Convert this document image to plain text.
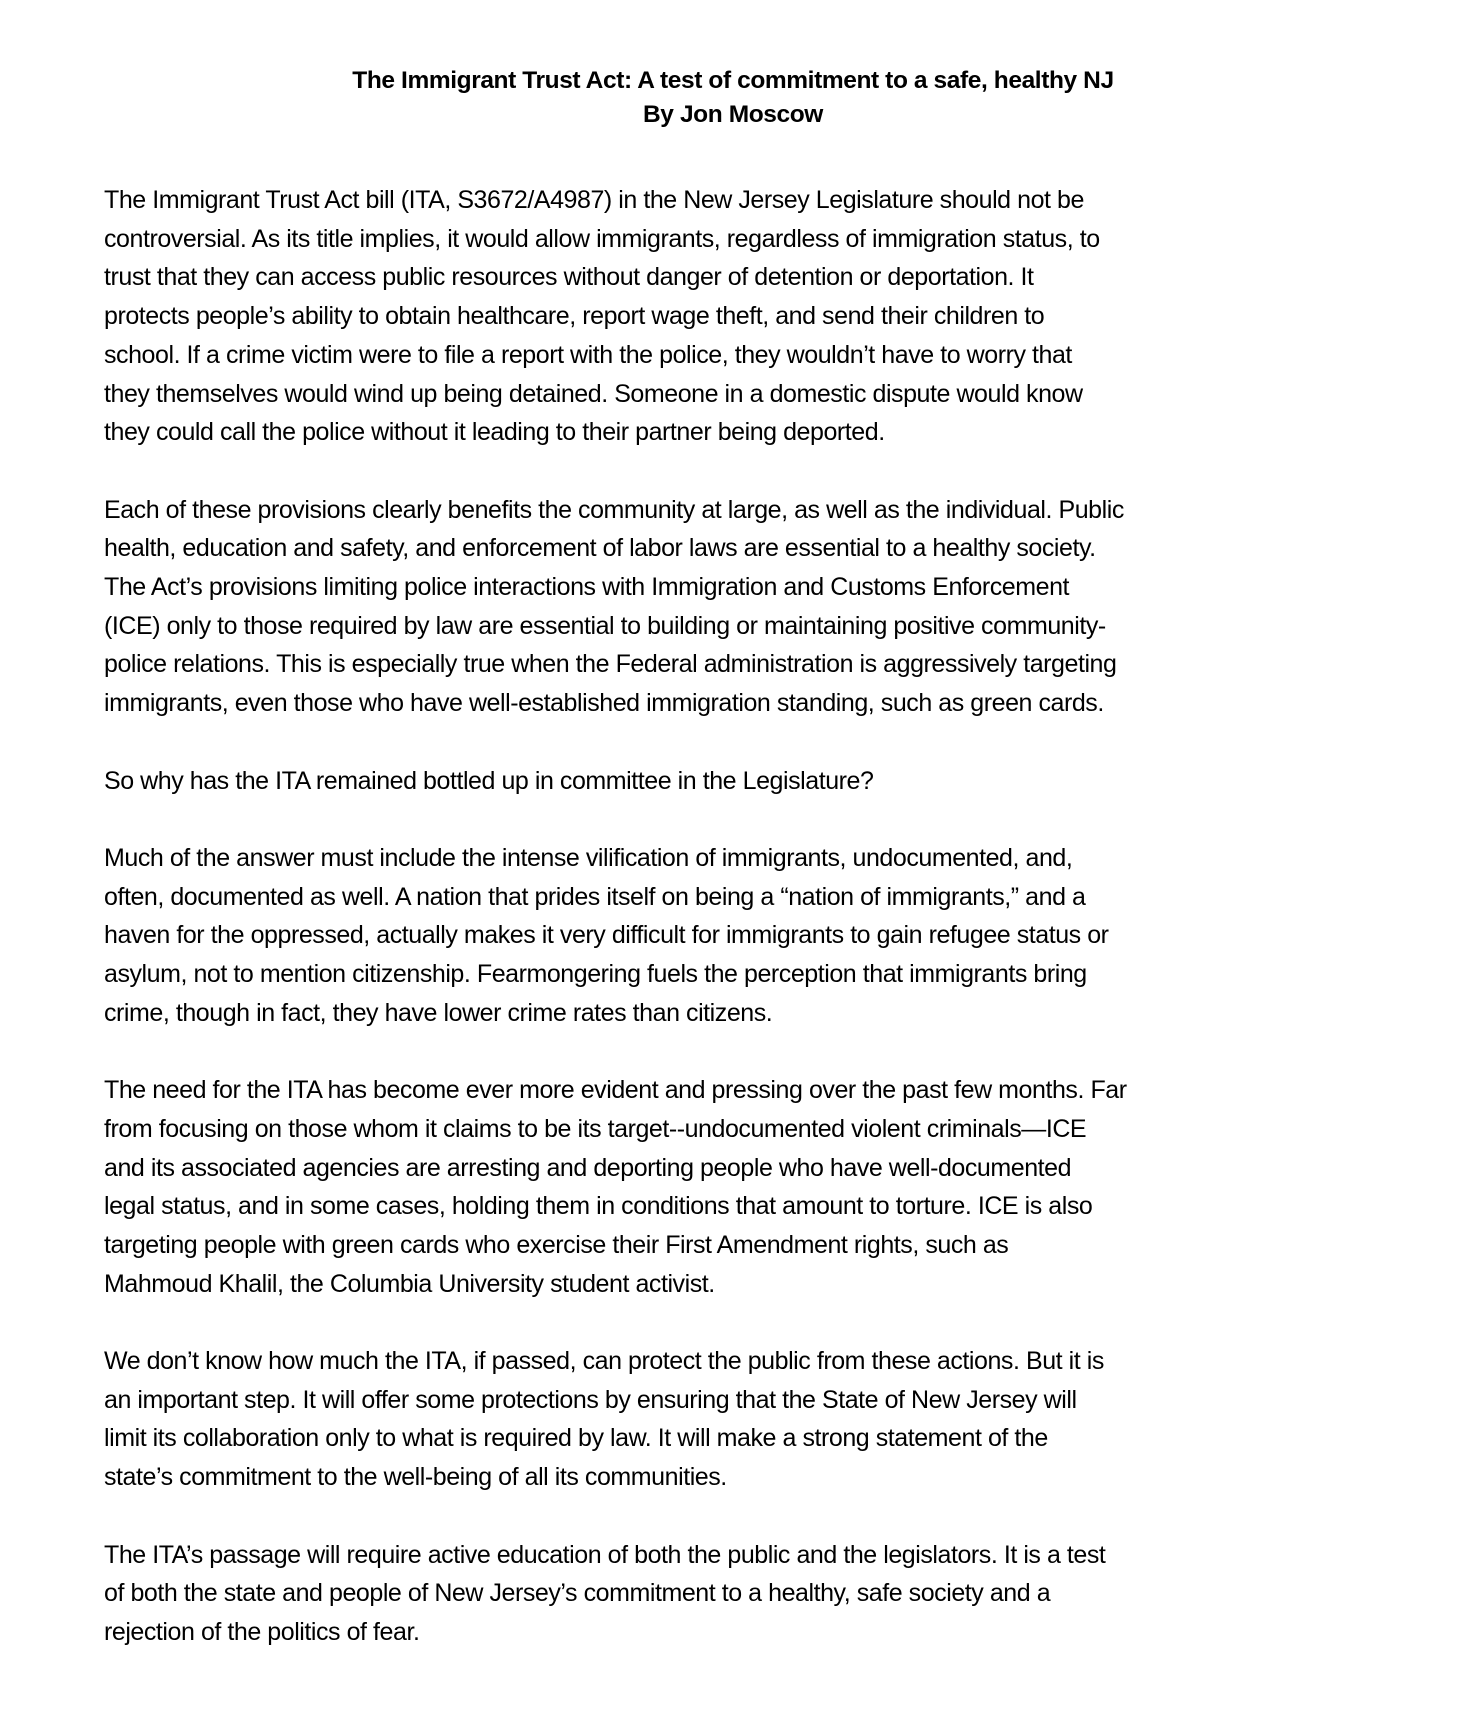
The Immigrant Trust Act: A test of commitment to a safe, healthy NJ
By Jon Moscow

The Immigrant Trust Act bill (ITA, S3672/A4987) in the New Jersey Legislature should not be
controversial. As its title implies, it would allow immigrants, regardless of immigration status, to
trust that they can access public resources without danger of detention or deportation. It
protects people’s ability to obtain healthcare, report wage theft, and send their children to
school. If a crime victim were to file a report with the police, they wouldn’t have to worry that
they themselves would wind up being detained. Someone in a domestic dispute would know
they could call the police without it leading to their partner being deported.

Each of these provisions clearly benefits the community at large, as well as the individual. Public
health, education and safety, and enforcement of labor laws are essential to a healthy society.
The Act’s provisions limiting police interactions with Immigration and Customs Enforcement
(ICE) only to those required by law are essential to building or maintaining positive community-
police relations. This is especially true when the Federal administration is aggressively targeting
immigrants, even those who have well-established immigration standing, such as green cards.

So why has the ITA remained bottled up in committee in the Legislature?

Much of the answer must include the intense vilification of immigrants, undocumented, and,
often, documented as well. A nation that prides itself on being a “nation of immigrants,” and a
haven for the oppressed, actually makes it very difficult for immigrants to gain refugee status or
asylum, not to mention citizenship. Fearmongering fuels the perception that immigrants bring
crime, though in fact, they have lower crime rates than citizens.

The need for the ITA has become ever more evident and pressing over the past few months. Far
from focusing on those whom it claims to be its target--undocumented violent criminals—ICE
and its associated agencies are arresting and deporting people who have well-documented
legal status, and in some cases, holding them in conditions that amount to torture. ICE is also
targeting people with green cards who exercise their First Amendment rights, such as
Mahmoud Khalil, the Columbia University student activist.

We don’t know how much the ITA, if passed, can protect the public from these actions. But it is
an important step. It will offer some protections by ensuring that the State of New Jersey will
limit its collaboration only to what is required by law. It will make a strong statement of the
state’s commitment to the well-being of all its communities.

The ITA’s passage will require active education of both the public and the legislators. It is a test
of both the state and people of New Jersey’s commitment to a healthy, safe society and a
rejection of the politics of fear.
